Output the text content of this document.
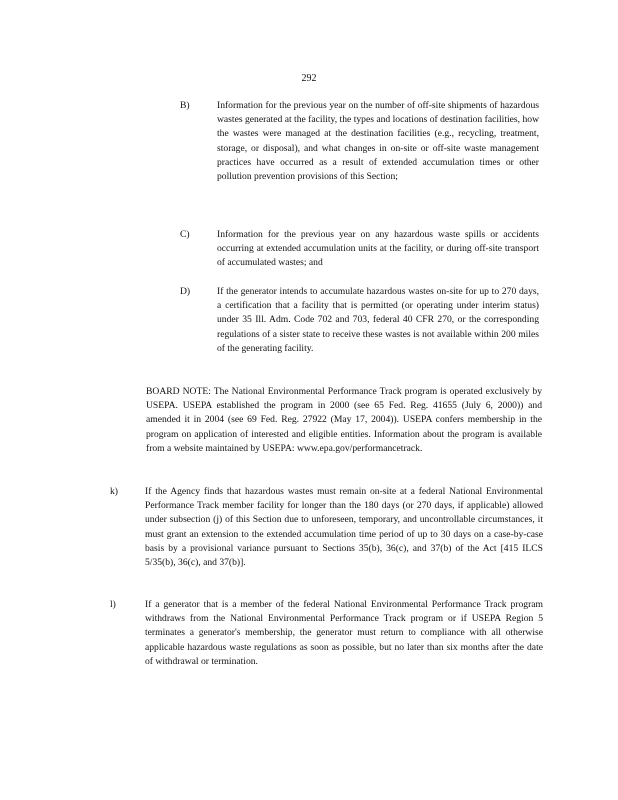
292
B)	Information for the previous year on the number of off-site shipments of hazardous wastes generated at the facility, the types and locations of destination facilities, how the wastes were managed at the destination facilities (e.g., recycling, treatment, storage, or disposal), and what changes in on-site or off-site waste management practices have occurred as a result of extended accumulation times or other pollution prevention provisions of this Section;
C)	Information for the previous year on any hazardous waste spills or accidents occurring at extended accumulation units at the facility, or during off-site transport of accumulated wastes; and
D)	If the generator intends to accumulate hazardous wastes on-site for up to 270 days, a certification that a facility that is permitted (or operating under interim status) under 35 Ill. Adm. Code 702 and 703, federal 40 CFR 270, or the corresponding regulations of a sister state to receive these wastes is not available within 200 miles of the generating facility.
BOARD NOTE: The National Environmental Performance Track program is operated exclusively by USEPA. USEPA established the program in 2000 (see 65 Fed. Reg. 41655 (July 6, 2000)) and amended it in 2004 (see 69 Fed. Reg. 27922 (May 17, 2004)). USEPA confers membership in the program on application of interested and eligible entities. Information about the program is available from a website maintained by USEPA: www.epa.gov/performancetrack.
k)	If the Agency finds that hazardous wastes must remain on-site at a federal National Environmental Performance Track member facility for longer than the 180 days (or 270 days, if applicable) allowed under subsection (j) of this Section due to unforeseen, temporary, and uncontrollable circumstances, it must grant an extension to the extended accumulation time period of up to 30 days on a case-by-case basis by a provisional variance pursuant to Sections 35(b), 36(c), and 37(b) of the Act [415 ILCS 5/35(b), 36(c), and 37(b)].
l)	If a generator that is a member of the federal National Environmental Performance Track program withdraws from the National Environmental Performance Track program or if USEPA Region 5 terminates a generator's membership, the generator must return to compliance with all otherwise applicable hazardous waste regulations as soon as possible, but no later than six months after the date of withdrawal or termination.
